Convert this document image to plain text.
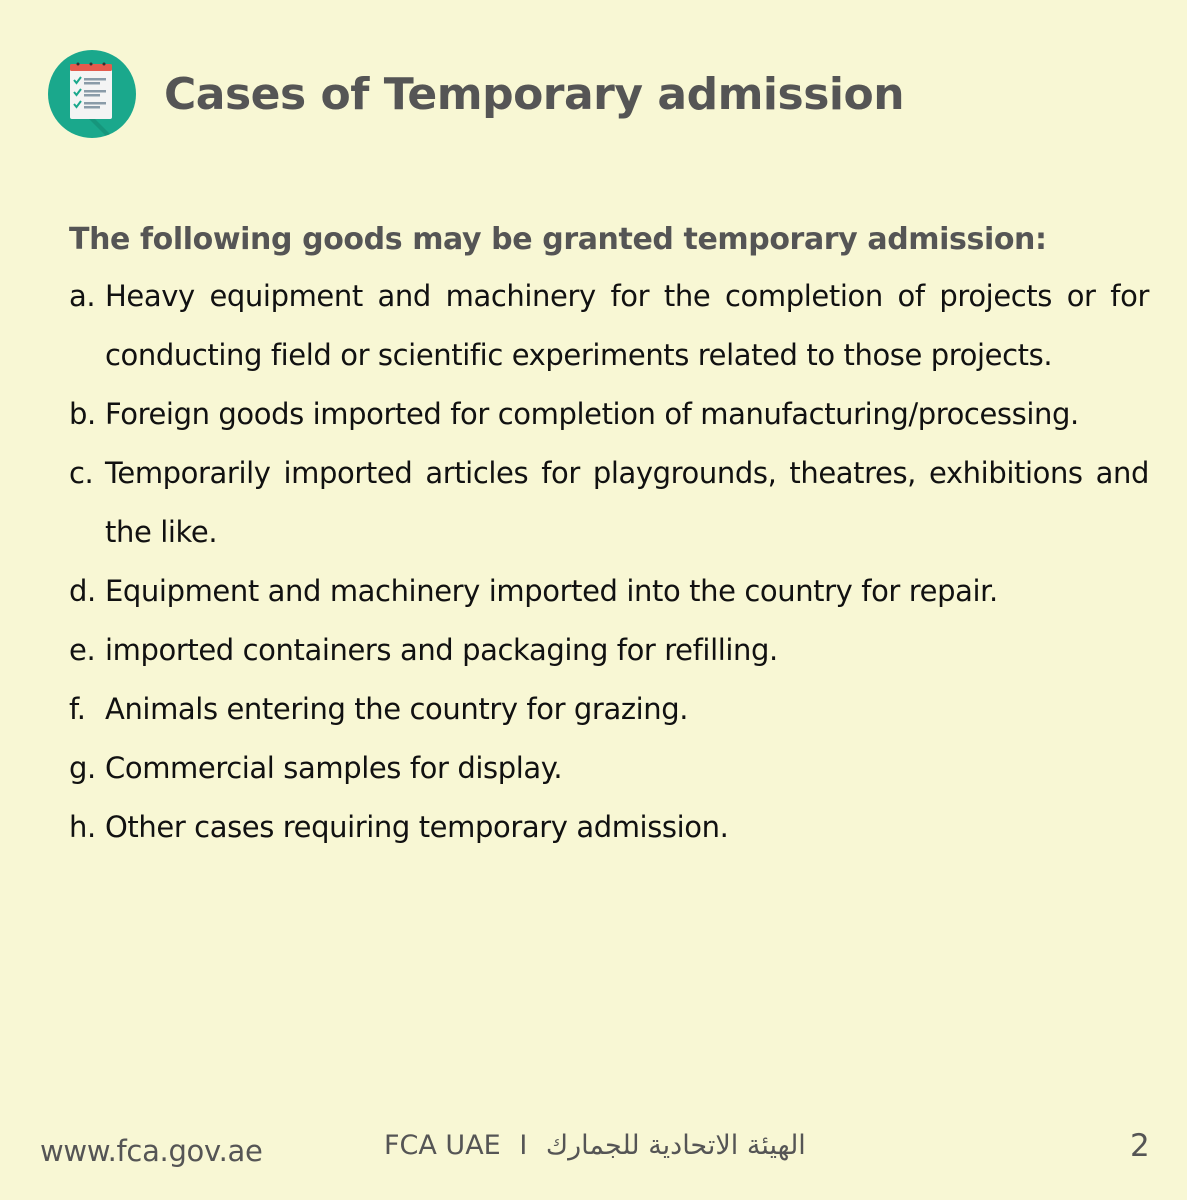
Cases of Temporary admission

The following goods may be granted temporary admission:

a. Heavy equipment and machinery for the completion of projects or for conducting field or scientific experiments related to those projects.
b. Foreign goods imported for completion of manufacturing/processing.
c. Temporarily imported articles for playgrounds, theatres, exhibitions and the like.
d. Equipment and machinery imported into the country for repair.
e. imported containers and packaging for refilling.
f. Animals entering the country for grazing.
g. Commercial samples for display.
h. Other cases requiring temporary admission.
www.fca.gov.ae	FCA UAE I الهيئة الاتحادية للجمارك	2
